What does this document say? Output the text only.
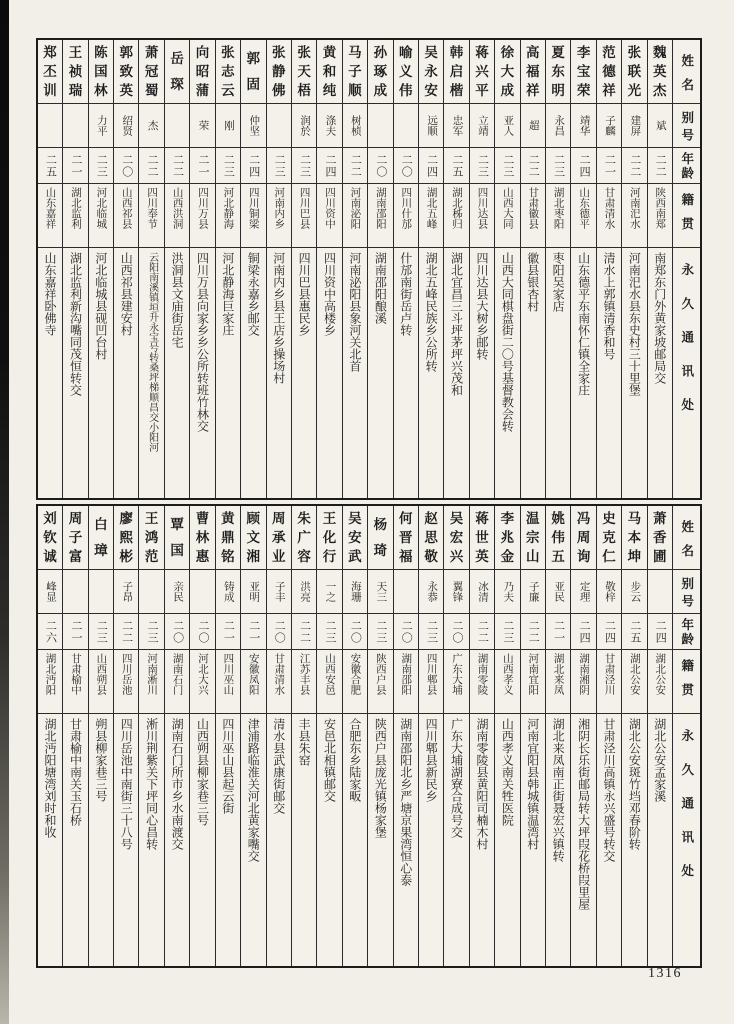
姓名
别号
年龄
籍贯
永久通讯处
魏
英
杰
斌
二二
陕西南郑
南郑东门外黄家坡邮局交
张
联
光
建屏
二二
河南汜水
河南汜水县东史村三十里堡
范
德
祥
子麟
二一
甘肃清水
清水上郭镇清香和号
李
宝
荣
靖华
二四
山东德平
山东德平东南怀仁镇全家庄
夏
东
明
永昌
二三
湖北枣阳
枣阳吴家店
高
福
祥
超
二二
甘肃徽县
徽县银杏村
徐
大
成
亚人
二三
山西大同
山西大同棋盘街二〇号基督教会转
蒋
兴
平
立靖
二三
四川达县
四川达县大树乡邮转
韩
启
楷
忠军
二五
湖北秭归
湖北宜昌三斗坪茅坪兴茂和
吴
永
安
远顺
二四
湖北五峰
湖北五峰民族乡公所转
喻
义
伟
二〇
四川什邡
什邡南街岳卢转
孙
琢
成
二〇
湖南邵阳
湖南邵阳酿溪
马
子
顺
树桢
二二
河南泌阳
河南泌阳县象河关北首
黄
和
纯
涤夫
二四
四川资中
四川资中高楼乡
张
天
梧
润於
二三
四川巴县
四川巴县惠民乡
张
静
佛
二三
河南内乡
河南内乡县王店乡操场村
郭
固
仲坚
二四
四川铜梁
铜梁永嘉乡邮交
张
志
云
刚
二三
河北静海
河北静海巨家庄
向
昭
蒲
荣
二一
四川万县
四川万县向家乡乡公所转班竹林交
岳
琛
二二
山西洪洞
洪洞县文庙街岳宅
萧
冠
蜀
杰
二二
四川奉节
云阳南溪镇垣升永宝号转桑坪梯顺昌交小阳河
郭
致
英
绍贤
二〇
山西祁县
山西祁县建安村
陈
国
林
力平
二三
河北临城
河北临城县砚凹台村
王
祯
瑞
二一
湖北监利
湖北监利新沟嘴同茂恒转交
郑
丕
训
二五
山东嘉祥
山东嘉祥卧佛寺
姓名
别号
年龄
籍贯
永久通讯处
萧
香
圃
二四
湖北公安
湖北公安孟家溪
马
本
坤
步云
二五
湖北公安
湖北公安斑竹垱邓春阶转
史
克
仁
敬梓
二四
甘肃泾川
甘肃泾川高镇永兴盛号转交
冯
周
询
定理
二四
湖南湘阴
湘阴长乐街邮局转大坪叚花桥叚里屋
姚
伟
五
亚民
二一
湖北来凤
湖北来凤南正街聂宏兴镇转
温
宗
山
子廉
二二
河南宜阳
河南宜阳县韩城镇温湾村
李
兆
金
乃夫
二三
山西孝义
山西孝义南关牲医院
蒋
世
英
冰清
二二
湖南零陵
湖南零陵县黄阳司楠木村
吴
宏
兴
翼锋
二〇
广东大埔
广东大埔湖寮合成号交
赵
思
敬
永恭
二三
四川郫县
四川郫县新民乡
何
晋
福
二〇
湖南邵阳
湖南邵阳北乡严塘京果湾恒心泰
杨
琦
天三
二三
陕西户县
陕西户县庞光镇杨家堡
吴
安
武
海珊
二〇
安徽合肥
合肥东乡陆家畈
王
化
行
一之
二三
山西安邑
安邑北相镇邮交
朱
广
容
洪亮
二二
江苏丰县
丰县朱窑
周
承
业
子丰
二〇
甘肃清水
清水县武康街邮交
顾
文
湘
亚明
二一
安徽凤阳
津浦路临淮关河北黄家嘴交
黄
鼎
铭
铸成
二一
四川巫山
四川巫山县起云街
曹
林
惠
二〇
河北大兴
山西朔县柳家巷三号
覃
国
亲民
二〇
湖南石门
湖南石门所市乡水南渡交
王
鸿
范
二三
河南淅川
淅川荆紫关下坪同心昌转
廖
熙
彬
子昂
二二
四川岳池
四川岳池中南街三十八号
白
璋
二三
山西朔县
朔县柳家巷三号
周
子
富
二一
甘肃榆中
甘肃榆中南关玉石桥
刘
钦
诚
峰显
二六
湖北沔阳
湖北沔阳塘湾刘时和收
1316
